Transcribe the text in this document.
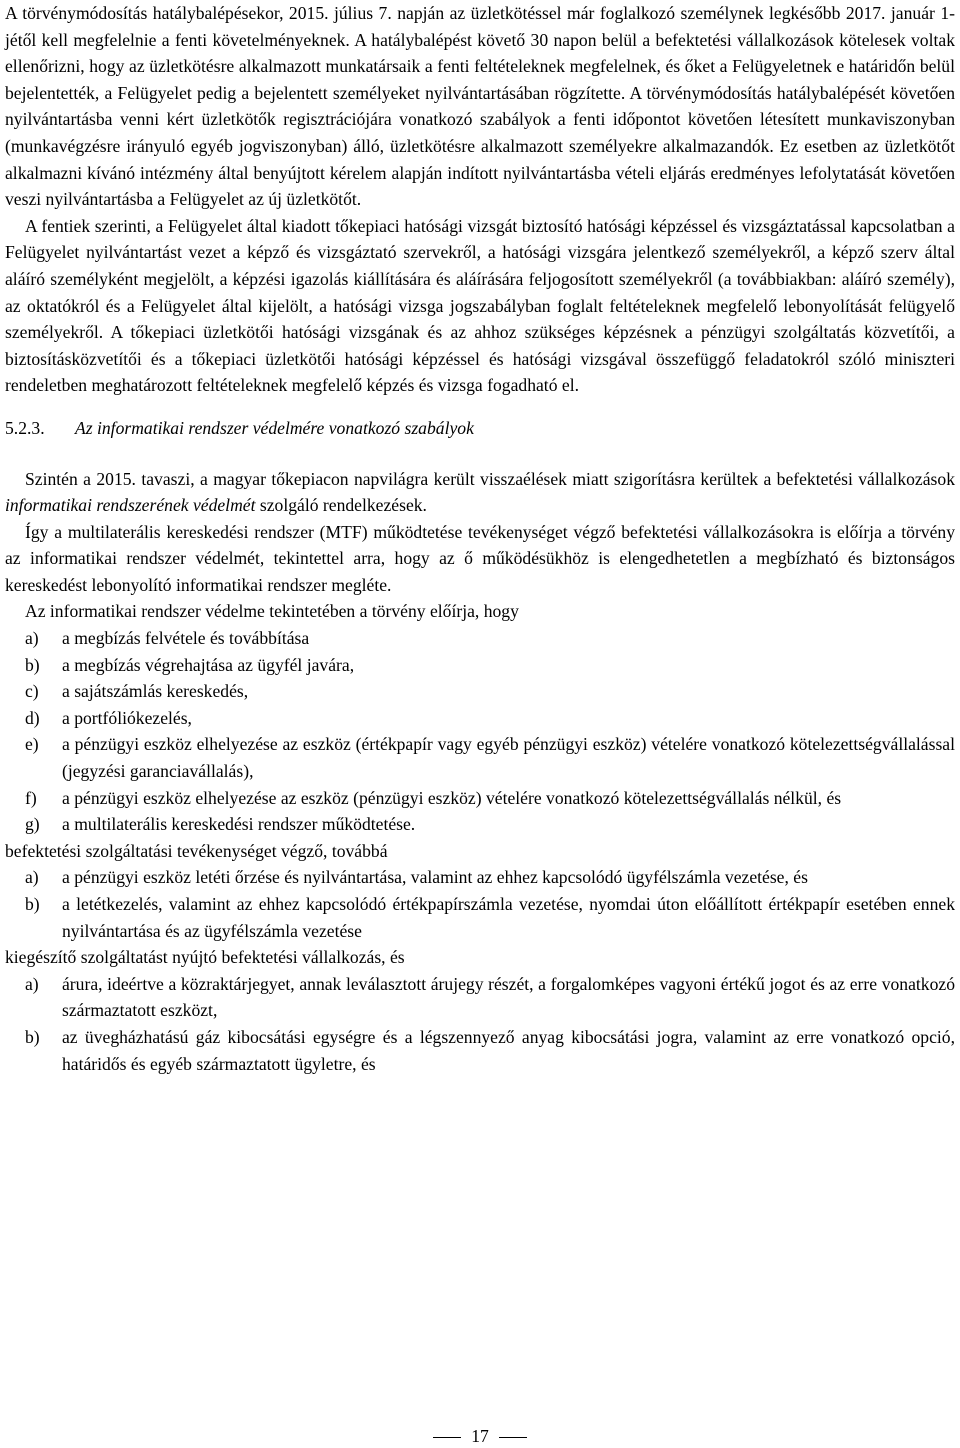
A törvénymódosítás hatálybalépésekor, 2015. július 7. napján az üzletkötéssel már foglalkozó személynek legkésőbb 2017. január 1-jétől kell megfelelnie a fenti követelményeknek. A hatálybalépést követő 30 napon belül a befektetési vállalkozások kötelesek voltak ellenőrizni, hogy az üzletkötésre alkalmazott munkatársaik a fenti feltételeknek megfelelnek, és őket a Felügyeletnek e határidőn belül bejelentették, a Felügyelet pedig a bejelentett személyeket nyilvántartásában rögzítette. A törvénymódosítás hatálybalépését követően nyilvántartásba venni kért üzletkötők regisztrációjára vonatkozó szabályok a fenti időpontot követően létesített munkaviszonyban (munkavégzésre irányuló egyéb jogviszonyban) álló, üzletkötésre alkalmazott személyekre alkalmazandók. Ez esetben az üzletkötőt alkalmazni kívánó intézmény által benyújtott kérelem alapján indított nyilvántartásba vételi eljárás eredményes lefolytatását követően veszi nyilvántartásba a Felügyelet az új üzletkötőt.

A fentiek szerinti, a Felügyelet által kiadott tőkepiaci hatósági vizsgát biztosító hatósági képzéssel és vizsgáztatással kapcsolatban a Felügyelet nyilvántartást vezet a képző és vizsgáztató szervekről, a hatósági vizsgára jelentkező személyekről, a képző szerv által aláíró személyként megjelölt, a képzési igazolás kiállítására és aláírására feljogosított személyekről (a továbbiakban: aláíró személy), az oktatókról és a Felügyelet által kijelölt, a hatósági vizsga jogszabályban foglalt feltételeknek megfelelő lebonyolítását felügyelő személyekről. A tőkepiaci üzletkötői hatósági vizsgának és az ahhoz szükséges képzésnek a pénzügyi szolgáltatás közvetítői, a biztosításközvetítői és a tőkepiaci üzletkötői hatósági képzéssel és hatósági vizsgával összefüggő feladatokról szóló miniszteri rendeletben meghatározott feltételeknek megfelelő képzés és vizsga fogadható el.

5.2.3.	Az informatikai rendszer védelmére vonatkozó szabályok

Szintén a 2015. tavaszi, a magyar tőkepiacon napvilágra került visszaélések miatt szigorításra kerültek a befektetési vállalkozások informatikai rendszerének védelmét szolgáló rendelkezések.

Így a multilaterális kereskedési rendszer (MTF) működtetése tevékenységet végző befektetési vállalkozásokra is előírja a törvény az informatikai rendszer védelmét, tekintettel arra, hogy az ő működésükhöz is elengedhetetlen a megbízható és biztonságos kereskedést lebonyolító informatikai rendszer megléte.

Az informatikai rendszer védelme tekintetében a törvény előírja, hogy

a)	a megbízás felvétele és továbbítása
b)	a megbízás végrehajtása az ügyfél javára,
c)	a sajátszámlás kereskedés,
d)	a portfóliókezelés,
e)	a pénzügyi eszköz elhelyezése az eszköz (értékpapír vagy egyéb pénzügyi eszköz) vételére vonatkozó kötelezettségvállalással (jegyzési garanciavállalás),
f)	a pénzügyi eszköz elhelyezése az eszköz (pénzügyi eszköz) vételére vonatkozó kötelezettségvállalás nélkül, és
g)	a multilaterális kereskedési rendszer működtetése.

befektetési szolgáltatási tevékenységet végző, továbbá

a)	a pénzügyi eszköz letéti őrzése és nyilvántartása, valamint az ehhez kapcsolódó ügyfélszámla vezetése, és
b)	a letétkezelés, valamint az ehhez kapcsolódó értékpapírszámla vezetése, nyomdai úton előállított értékpapír esetében ennek nyilvántartása és az ügyfélszámla vezetése

kiegészítő szolgáltatást nyújtó befektetési vállalkozás, és

a)	árura, ideértve a közraktárjegyet, annak leválasztott árujegy részét, a forgalomképes vagyoni értékű jogot és az erre vonatkozó származtatott eszközt,
b)	az üvegházhatású gáz kibocsátási egységre és a légszennyező anyag kibocsátási jogra, valamint az erre vonatkozó opció, határidős és egyéb származtatott ügyletre, és
17
